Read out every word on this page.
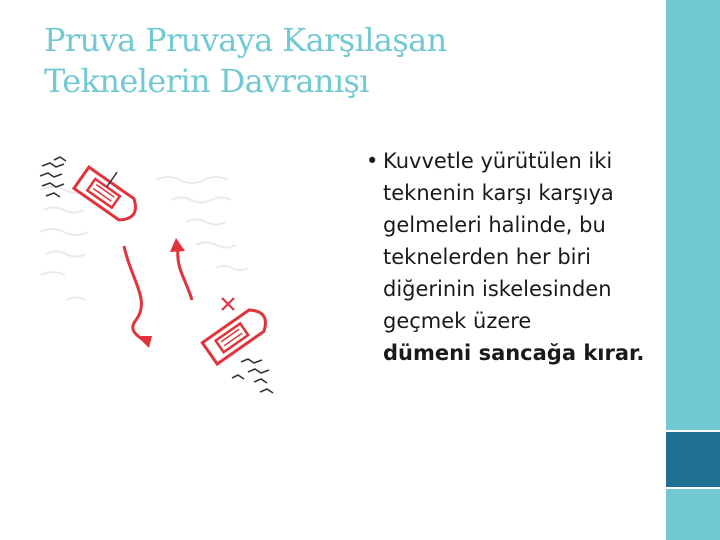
Pruva Pruvaya Karşılaşan
Teknelerin Davranışı
• Kuvvetle yürütülen iki
teknenin karşı karşıya
gelmeleri halinde, bu
teknelerden her biri
diğerinin iskelesinden
geçmek üzere
dümeni sancağa kırar.
